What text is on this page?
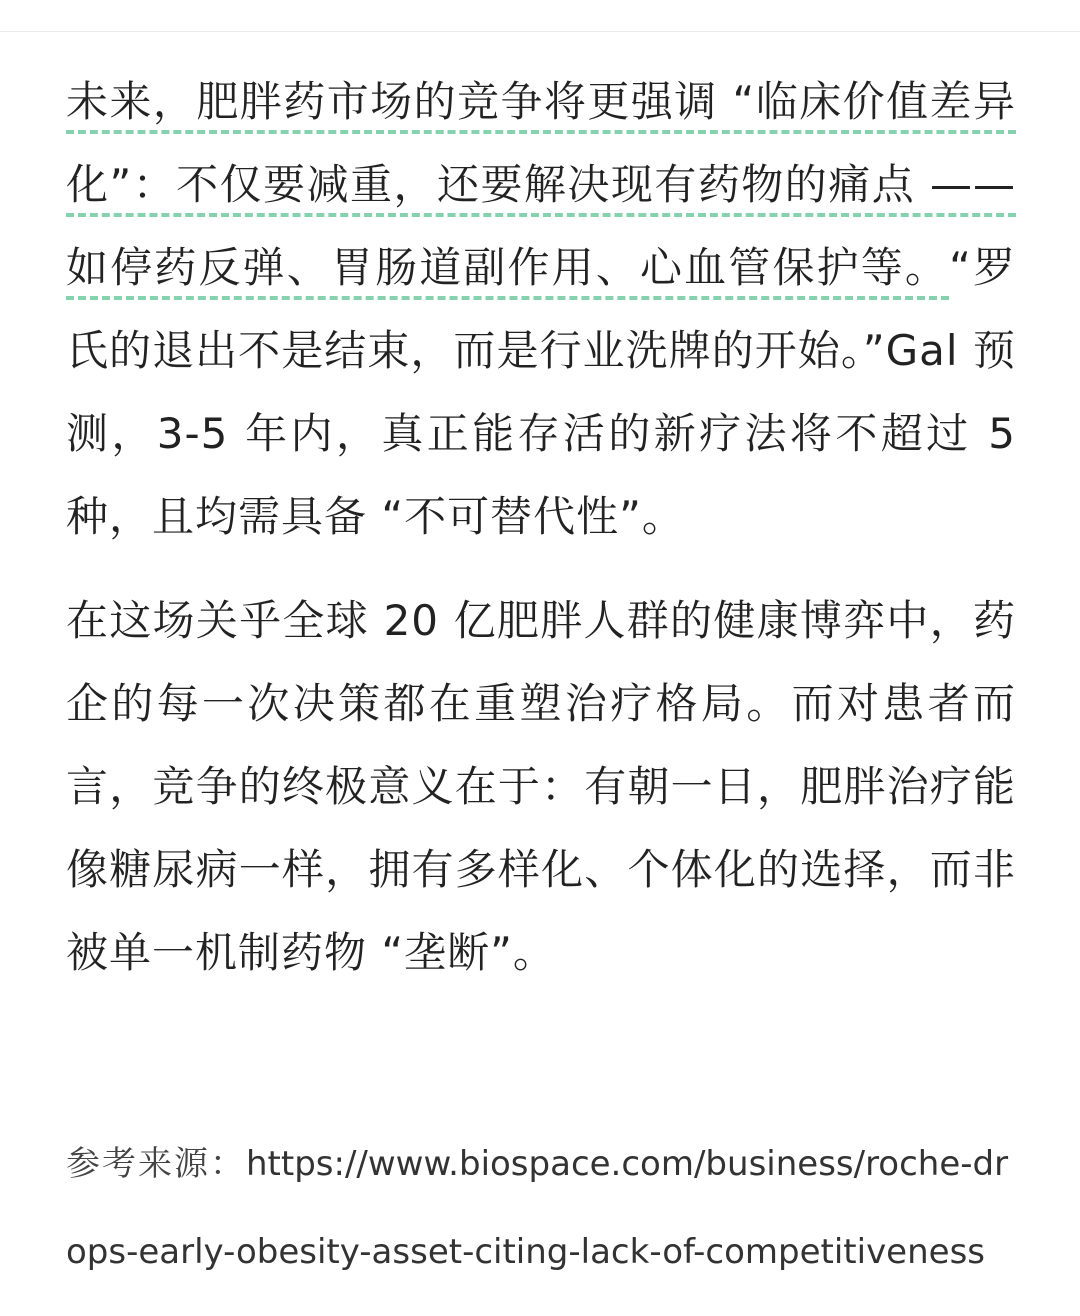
未来，肥胖药市场的竞争将更强调 “临床价值差异化”：不仅要减重，还要解决现有药物的痛点 —— 如停药反弹、胃肠道副作用、心血管保护等。“罗氏的退出不是结束，而是行业洗牌的开始。”Gal 预测，3-5 年内，真正能存活的新疗法将不超过 5 种，且均需具备 “不可替代性”。

在这场关乎全球 20 亿肥胖人群的健康博弈中，药企的每一次决策都在重塑治疗格局。而对患者而言，竞争的终极意义在于：有朝一日，肥胖治疗能像糖尿病一样，拥有多样化、个体化的选择，而非被单一机制药物 “垄断”。

参考来源：https://www.biospace.com/business/roche-drops-early-obesity-asset-citing-lack-of-competitiveness
